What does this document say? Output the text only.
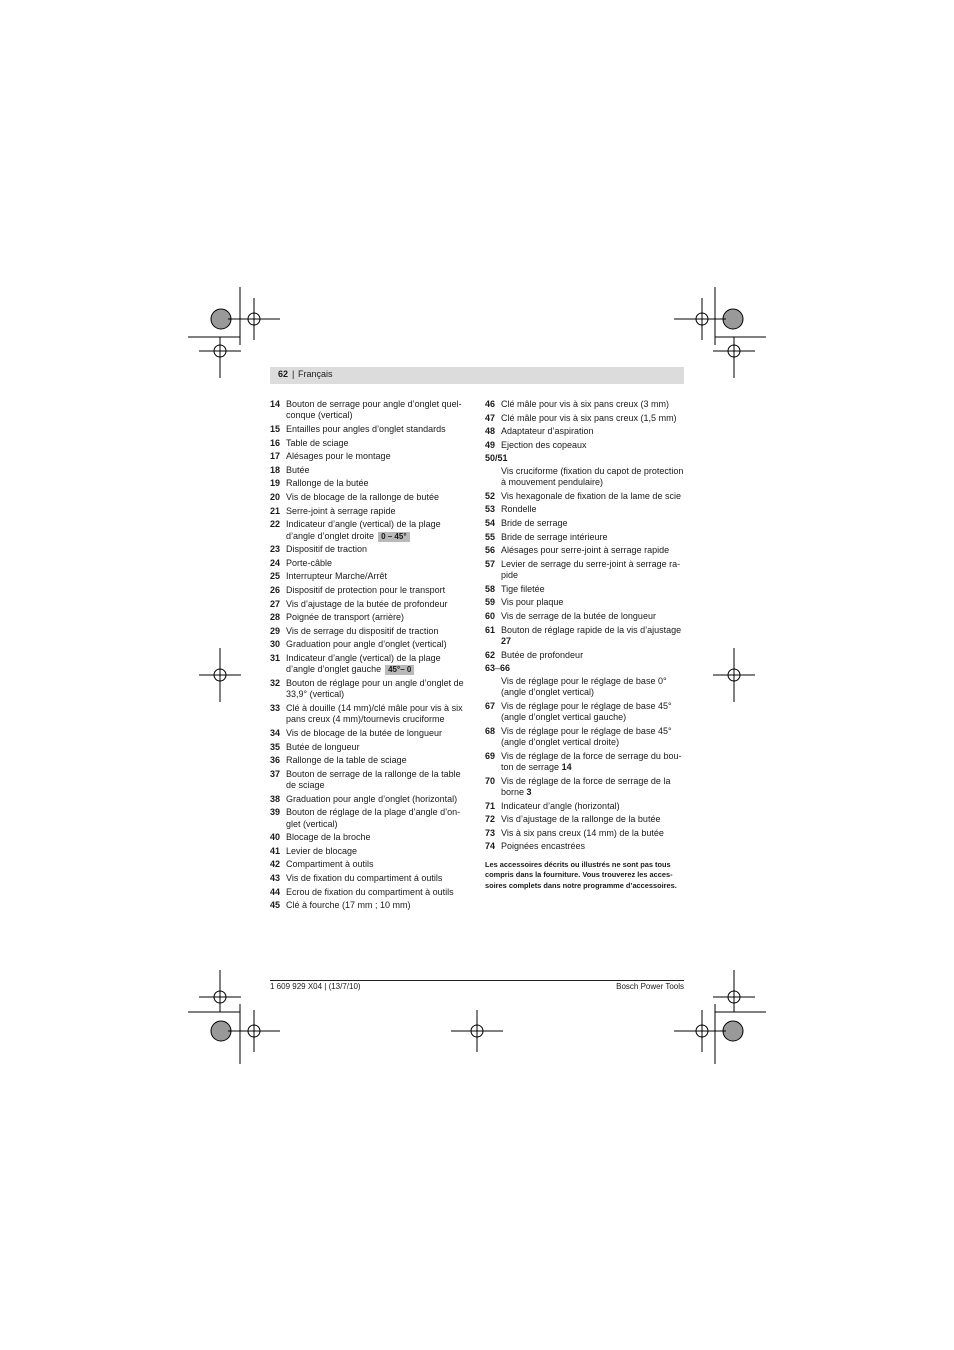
62 | Français
14 Bouton de serrage pour angle d’onglet quelconque (vertical)
15 Entailles pour angles d’onglet standards
16 Table de sciage
17 Alésages pour le montage
18 Butée
19 Rallonge de la butée
20 Vis de blocage de la rallonge de butée
21 Serre-joint à serrage rapide
22 Indicateur d’angle (vertical) de la plage d’angle d’onglet droite 0 – 45°
23 Dispositif de traction
24 Porte-câble
25 Interrupteur Marche/Arrêt
26 Dispositif de protection pour le transport
27 Vis d’ajustage de la butée de profondeur
28 Poignée de transport (arrière)
29 Vis de serrage du dispositif de traction
30 Graduation pour angle d’onglet (vertical)
31 Indicateur d’angle (vertical) de la plage d’angle d’onglet gauche 45°– 0
32 Bouton de réglage pour un angle d’onglet de 33,9° (vertical)
33 Clé à douille (14 mm)/clé mâle pour vis à six pans creux (4 mm)/tournevis cruciforme
34 Vis de blocage de la butée de longueur
35 Butée de longueur
36 Rallonge de la table de sciage
37 Bouton de serrage de la rallonge de la table de sciage
38 Graduation pour angle d’onglet (horizontal)
39 Bouton de réglage de la plage d’angle d’onglet (vertical)
40 Blocage de la broche
41 Levier de blocage
42 Compartiment à outils
43 Vis de fixation du compartiment á outils
44 Ecrou de fixation du compartiment à outils
45 Clé à fourche (17 mm ; 10 mm)
46 Clé mâle pour vis à six pans creux (3 mm)
47 Clé mâle pour vis à six pans creux (1,5 mm)
48 Adaptateur d’aspiration
49 Ejection des copeaux
50/51
Vis cruciforme (fixation du capot de protection à mouvement pendulaire)
52 Vis hexagonale de fixation de la lame de scie
53 Rondelle
54 Bride de serrage
55 Bride de serrage intérieure
56 Alésages pour serre-joint à serrage rapide
57 Levier de serrage du serre-joint à serrage rapide
58 Tige filetée
59 Vis pour plaque
60 Vis de serrage de la butée de longueur
61 Bouton de réglage rapide de la vis d’ajustage 27
62 Butée de profondeur
63–66
Vis de réglage pour le réglage de base 0° (angle d’onglet vertical)
67 Vis de réglage pour le réglage de base 45° (angle d’onglet vertical gauche)
68 Vis de réglage pour le réglage de base 45° (angle d’onglet vertical droite)
69 Vis de réglage de la force de serrage du bouton de serrage 14
70 Vis de réglage de la force de serrage de la borne 3
71 Indicateur d’angle (horizontal)
72 Vis d’ajustage de la rallonge de la butée
73 Vis à six pans creux (14 mm) de la butée
74 Poignées encastrées
Les accessoires décrits ou illustrés ne sont pas tous compris dans la fourniture. Vous trouverez les accessoires complets dans notre programme d’accessoires.
1 609 929 X04 | (13/7/10)	Bosch Power Tools
